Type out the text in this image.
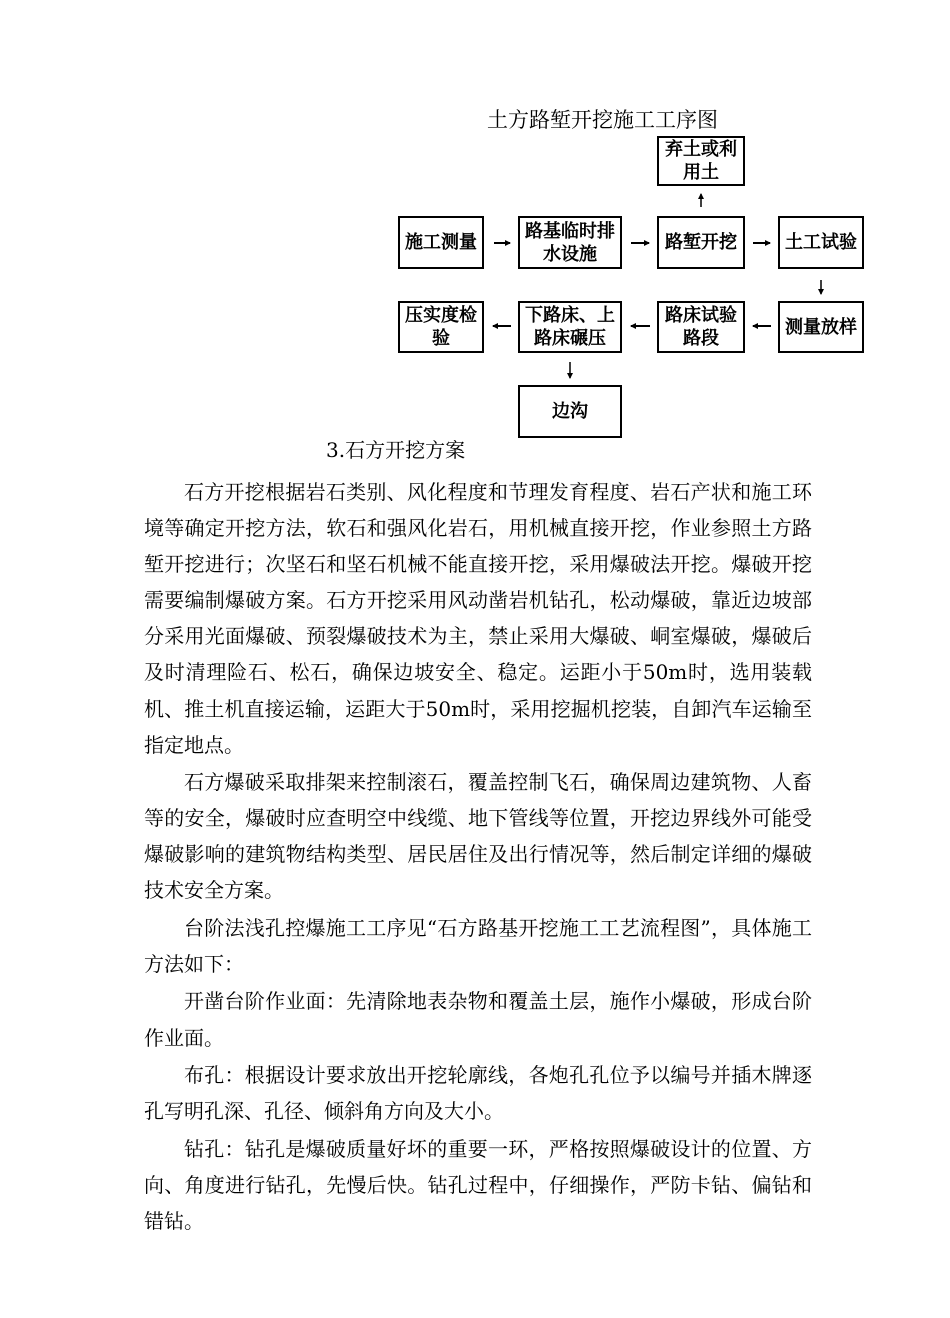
土方路堑开挖施工工序图
弃土或利用土
施工测量
路基临时排水设施
路堑开挖	土工试验
测量放样
路床试验路段
下路床、上路床碾压
压实度检验
边沟
3.石方开挖方案

石方开挖根据岩石类别、风化程度和节理发育程度、岩石产状和施工环境等确定开挖方法，软石和强风化岩石，用机械直接开挖，作业参照土方路堑开挖进行；次坚石和坚石机械不能直接开挖，采用爆破法开挖。爆破开挖需要编制爆破方案。石方开挖采用风动凿岩机钻孔，松动爆破，靠近边坡部分采用光面爆破、预裂爆破技术为主，禁止采用大爆破、峒室爆破，爆破后及时清理险石、松石，确保边坡安全、稳定。运距小于50m时，选用装载机、推土机直接运输，运距大于50m时，采用挖掘机挖装，自卸汽车运输至指定地点。

石方爆破采取排架来控制滚石，覆盖控制飞石，确保周边建筑物、人畜等的安全，爆破时应查明空中线缆、地下管线等位置，开挖边界线外可能受爆破影响的建筑物结构类型、居民居住及出行情况等，然后制定详细的爆破技术安全方案。

台阶法浅孔控爆施工工序见“石方路基开挖施工工艺流程图”，具体施工方法如下：

开凿台阶作业面：先清除地表杂物和覆盖土层，施作小爆破，形成台阶作业面。

布孔：根据设计要求放出开挖轮廓线，各炮孔孔位予以编号并插木牌逐孔写明孔深、孔径、倾斜角方向及大小。

钻孔：钻孔是爆破质量好坏的重要一环，严格按照爆破设计的位置、方向、角度进行钻孔，先慢后快。钻孔过程中，仔细操作，严防卡钻、偏钻和错钻。
